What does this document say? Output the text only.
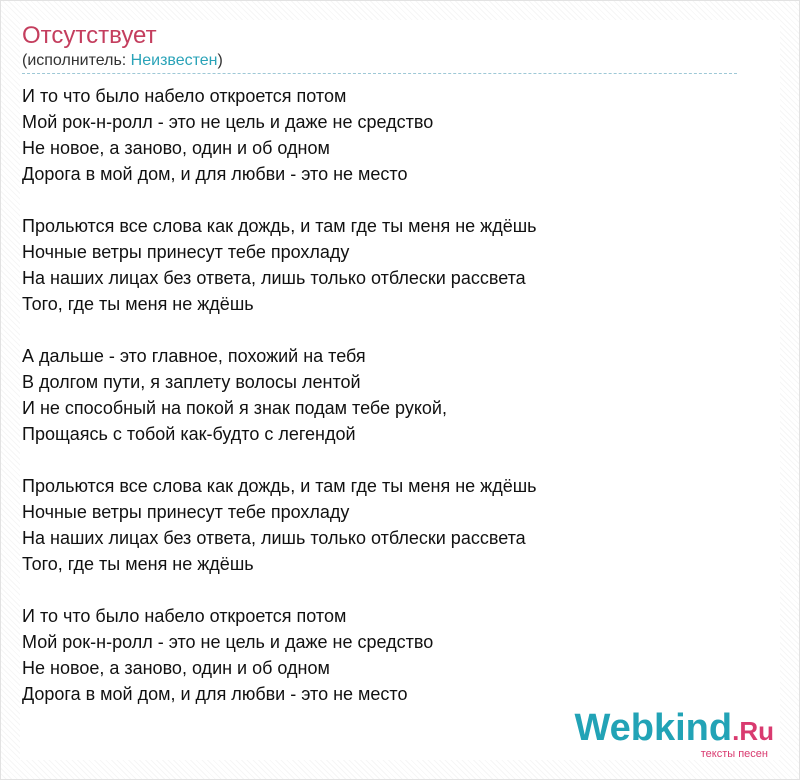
Отсутствует
(исполнитель: Неизвестен)
И то что было набело откроется потом
Мой рок-н-ролл - это не цель и даже не средство
Не новое, а заново, один и об одном
Дорога в мой дом, и для любви - это не место
Прольются все слова как дождь, и там где ты меня не ждёшь
Ночные ветры принесут тебе прохладу
На наших лицах без ответа, лишь только отблески рассвета
Того, где ты меня не ждёшь
А дальше - это главное, похожий на тебя
В долгом пути, я заплету волосы лентой
И не способный на покой я знак подам тебе рукой,
Прощаясь с тобой как-будто с легендой
Прольются все слова как дождь, и там где ты меня не ждёшь
Ночные ветры принесут тебе прохладу
На наших лицах без ответа, лишь только отблески рассвета
Того, где ты меня не ждёшь
И то что было набело откроется потом
Мой рок-н-ролл - это не цель и даже не средство
Не новое, а заново, один и об одном
Дорога в мой дом, и для любви - это не место
Webkind.Ru
тексты песен
